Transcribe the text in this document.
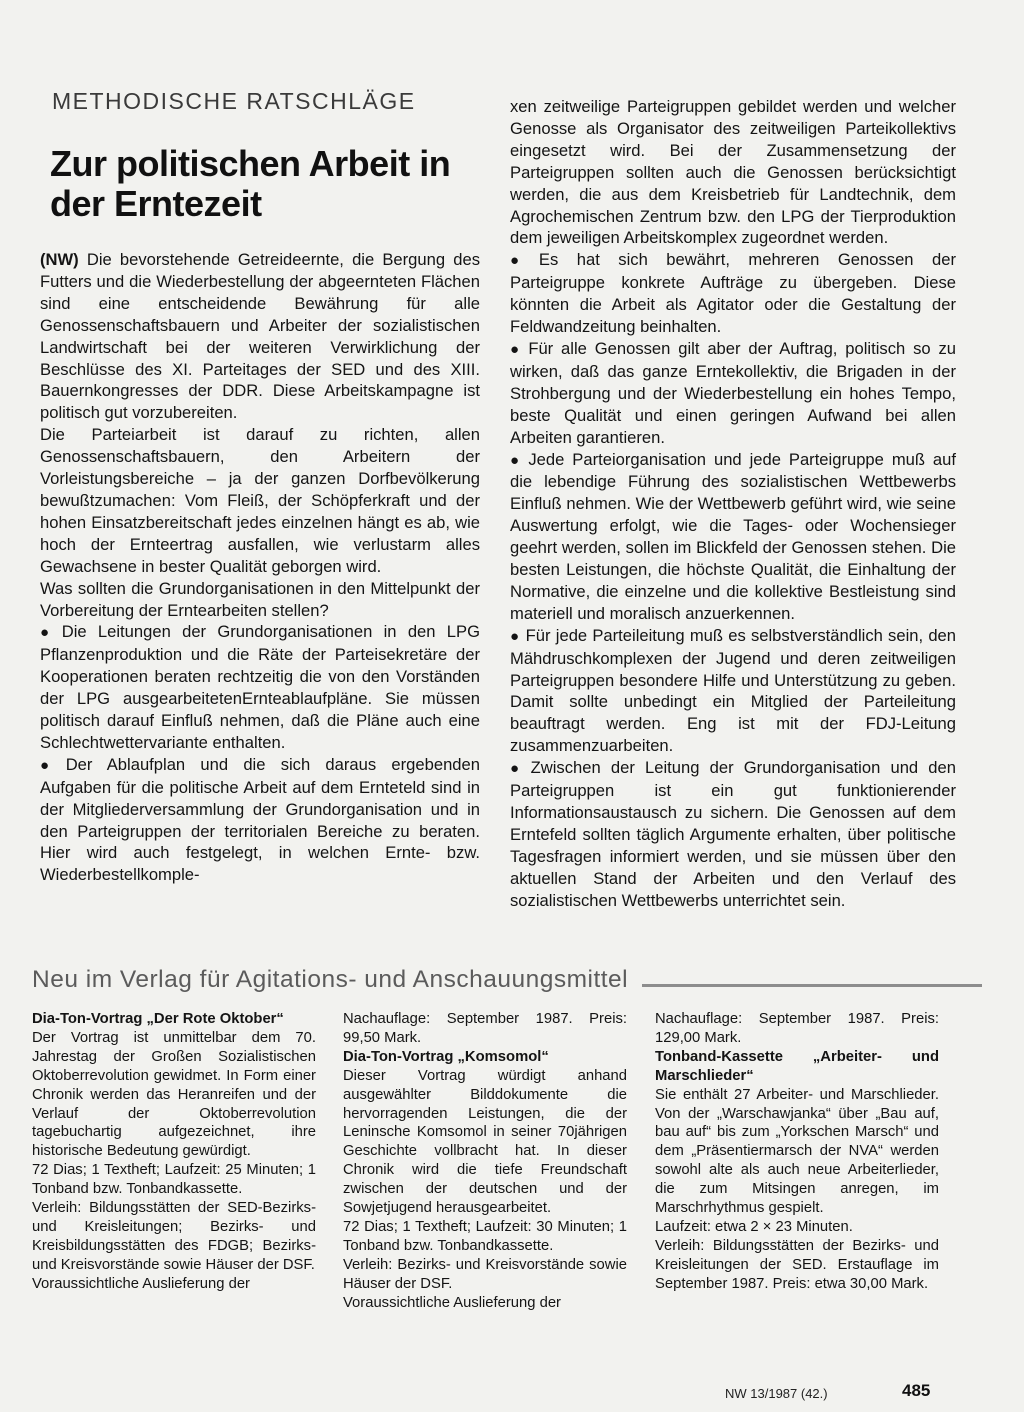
METHODISCHE RATSCHLÄGE
Zur politischen Arbeit in der Erntezeit

(NW) Die bevorstehende Getreideernte, die Bergung des Futters und die Wiederbestellung der abgeernteten Flächen sind eine entscheidende Bewährung für alle Genossenschaftsbauern und Arbeiter der sozialistischen Landwirtschaft bei der weiteren Verwirklichung der Beschlüsse des XI. Parteitages der SED und des XIII. Bauernkongresses der DDR. Diese Arbeitskampagne ist politisch gut vorzubereiten.

Die Parteiarbeit ist darauf zu richten, allen Genossenschaftsbauern, den Arbeitern der Vorleistungsbereiche – ja der ganzen Dorfbevölkerung bewußtzumachen: Vom Fleiß, der Schöpferkraft und der hohen Einsatzbereitschaft jedes einzelnen hängt es ab, wie hoch der Ernteertrag ausfallen, wie verlustarm alles Gewachsene in bester Qualität geborgen wird.

Was sollten die Grundorganisationen in den Mittelpunkt der Vorbereitung der Erntearbeiten stellen?

● Die Leitungen der Grundorganisationen in den LPG Pflanzenproduktion und die Räte der Parteisekretäre der Kooperationen beraten rechtzeitig die von den Vorständen der LPG ausgearbeitetenErnteablaufpläne. Sie müssen politisch darauf Einfluß nehmen, daß die Pläne auch eine Schlechtwettervariante enthalten.

● Der Ablaufplan und die sich daraus ergebenden Aufgaben für die politische Arbeit auf dem Ernteteld sind in der Mitgliederversammlung der Grundorganisation und in den Parteigruppen der territorialen Bereiche zu beraten. Hier wird auch festgelegt, in welchen Ernte- bzw. Wiederbestellkomple-

xen zeitweilige Parteigruppen gebildet werden und welcher Genosse als Organisator des zeitweiligen Parteikollektivs eingesetzt wird. Bei der Zusammensetzung der Parteigruppen sollten auch die Genossen berücksichtigt werden, die aus dem Kreisbetrieb für Landtechnik, dem Agrochemischen Zentrum bzw. den LPG der Tierproduktion dem jeweiligen Arbeitskomplex zugeordnet werden.

● Es hat sich bewährt, mehreren Genossen der Parteigruppe konkrete Aufträge zu übergeben. Diese könnten die Arbeit als Agitator oder die Gestaltung der Feldwandzeitung beinhalten.

● Für alle Genossen gilt aber der Auftrag, politisch so zu wirken, daß das ganze Erntekollektiv, die Brigaden in der Strohbergung und der Wiederbestellung ein hohes Tempo, beste Qualität und einen geringen Aufwand bei allen Arbeiten garantieren.

● Jede Parteiorganisation und jede Parteigruppe muß auf die lebendige Führung des sozialistischen Wettbewerbs Einfluß nehmen. Wie der Wettbewerb geführt wird, wie seine Auswertung erfolgt, wie die Tages- oder Wochensieger geehrt werden, sollen im Blickfeld der Genossen stehen. Die besten Leistungen, die höchste Qualität, die Einhaltung der Normative, die einzelne und die kollektive Bestleistung sind materiell und moralisch anzuerkennen.

● Für jede Parteileitung muß es selbstverständlich sein, den Mähdruschkomplexen der Jugend und deren zeitweiligen Parteigruppen besondere Hilfe und Unterstützung zu geben. Damit sollte unbedingt ein Mitglied der Parteileitung beauftragt werden. Eng ist mit der FDJ-Leitung zusammenzuarbeiten.

● Zwischen der Leitung der Grundorganisation und den Parteigruppen ist ein gut funktionierender Informationsaustausch zu sichern. Die Genossen auf dem Erntefeld sollten täglich Argumente erhalten, über politische Tagesfragen informiert werden, und sie müssen über den aktuellen Stand der Arbeiten und den Verlauf des sozialistischen Wettbewerbs unterrichtet sein.

Neu im Verlag für Agitations- und Anschauungsmittel

Dia-Ton-Vortrag „Der Rote Oktober“

Der Vortrag ist unmittelbar dem 70. Jahrestag der Großen Sozialistischen Oktoberrevolution gewidmet. In Form einer Chronik werden das Heranreifen und der Verlauf der Oktoberrevolution tagebuchartig aufgezeichnet, ihre historische Bedeutung gewürdigt.

72 Dias; 1 Textheft; Laufzeit: 25 Minuten; 1 Tonband bzw. Tonbandkassette.

Verleih: Bildungsstätten der SED-Bezirks- und Kreisleitungen; Bezirks- und Kreisbildungsstätten des FDGB; Bezirks- und Kreisvorstände sowie Häuser der DSF.

Voraussichtliche Auslieferung der

Nachauflage: September 1987. Preis: 99,50 Mark.

Dia-Ton-Vortrag „Komsomol“

Dieser Vortrag würdigt anhand ausgewählter Bilddokumente die hervorragenden Leistungen, die der Leninsche Komsomol in seiner 70jährigen Geschichte vollbracht hat. In dieser Chronik wird die tiefe Freundschaft zwischen der deutschen und der Sowjetjugend herausgearbeitet.

72 Dias; 1 Textheft; Laufzeit: 30 Minuten; 1 Tonband bzw. Tonbandkassette.

Verleih: Bezirks- und Kreisvorstände sowie Häuser der DSF.

Voraussichtliche Auslieferung der

Nachauflage: September 1987. Preis: 129,00 Mark.

Tonband-Kassette „Arbeiter- und Marschlieder“

Sie enthält 27 Arbeiter- und Marschlieder. Von der „Warschawjanka“ über „Bau auf, bau auf“ bis zum „Yorkschen Marsch“ und dem „Präsentiermarsch der NVA“ werden sowohl alte als auch neue Arbeiterlieder, die zum Mitsingen anregen, im Marschrhythmus gespielt.

Laufzeit: etwa 2 × 23 Minuten.

Verleih: Bildungsstätten der Bezirks- und Kreisleitungen der SED. Erstauflage im September 1987. Preis: etwa 30,00 Mark.

NW 13/1987 (42.)	485
